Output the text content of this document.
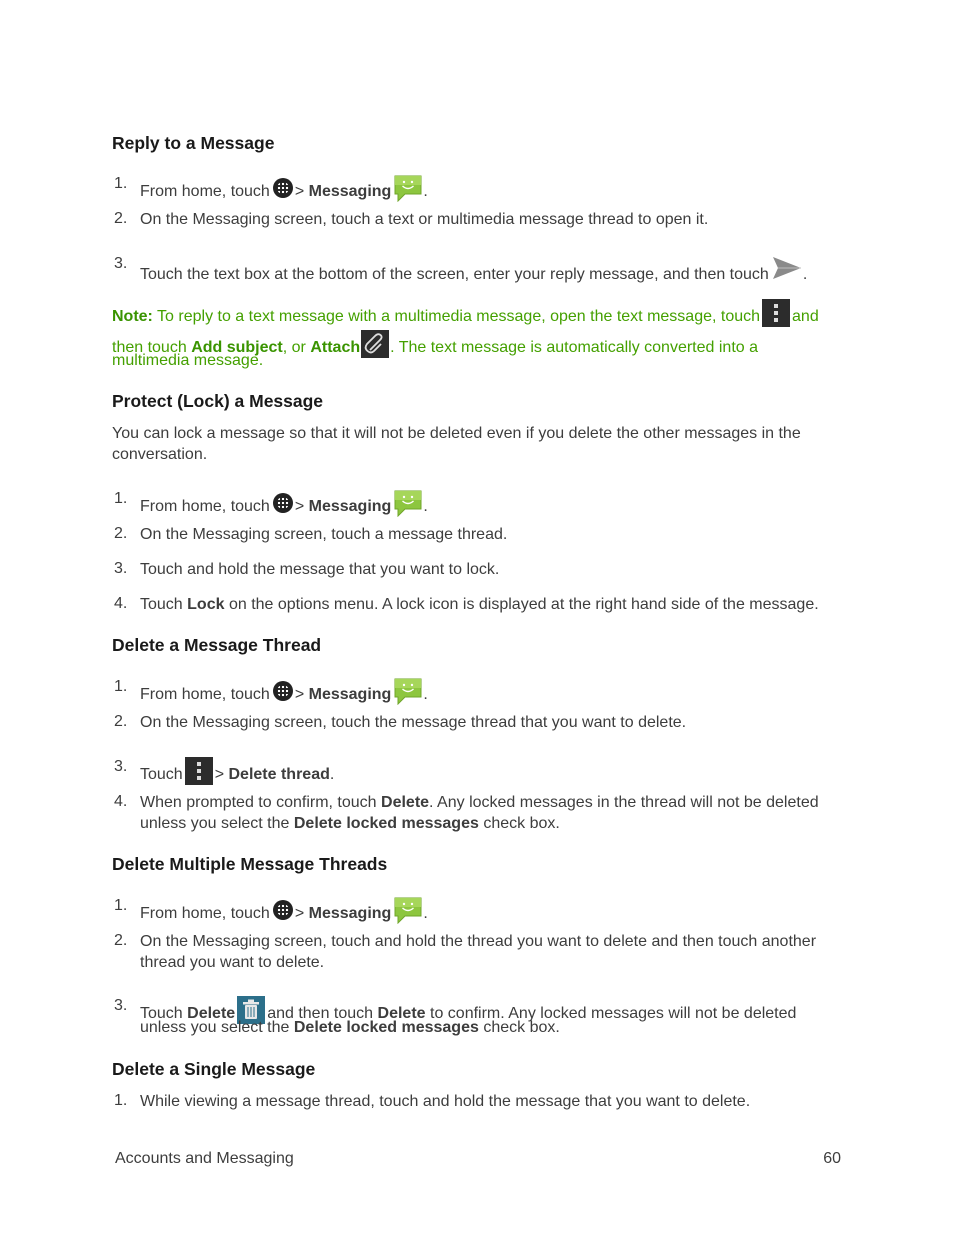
Reply to a Message
1. From home, touch > Messaging .
2. On the Messaging screen, touch a text or multimedia message thread to open it.
3.
Touch the text box at the bottom of the screen, enter your reply message, and then touch .
Note: To reply to a text message with a multimedia message, open the text message, touch and
then touch Add subject, or Attach . The text message is automatically converted into a
multimedia message.
Protect (Lock) a Message
You can lock a message so that it will not be deleted even if you delete the other messages in the
conversation.
1. From home, touch > Messaging .
2. On the Messaging screen, touch a message thread.
3. Touch and hold the message that you want to lock.
4. Touch Lock on the options menu. A lock icon is displayed at the right hand side of the message.
Delete a Message Thread
1. From home, touch > Messaging .
2. On the Messaging screen, touch the message thread that you want to delete.
3. Touch > Delete thread.
4. When prompted to confirm, touch Delete. Any locked messages in the thread will not be deleted
unless you select the Delete locked messages check box.
Delete Multiple Message Threads
1. From home, touch > Messaging .
2. On the Messaging screen, touch and hold the thread you want to delete and then touch another
thread you want to delete.
3. Touch Delete and then touch Delete to confirm. Any locked messages will not be deleted
unless you select the Delete locked messages check box.
Delete a Single Message
1. While viewing a message thread, touch and hold the message that you want to delete.
Accounts and Messaging	60
